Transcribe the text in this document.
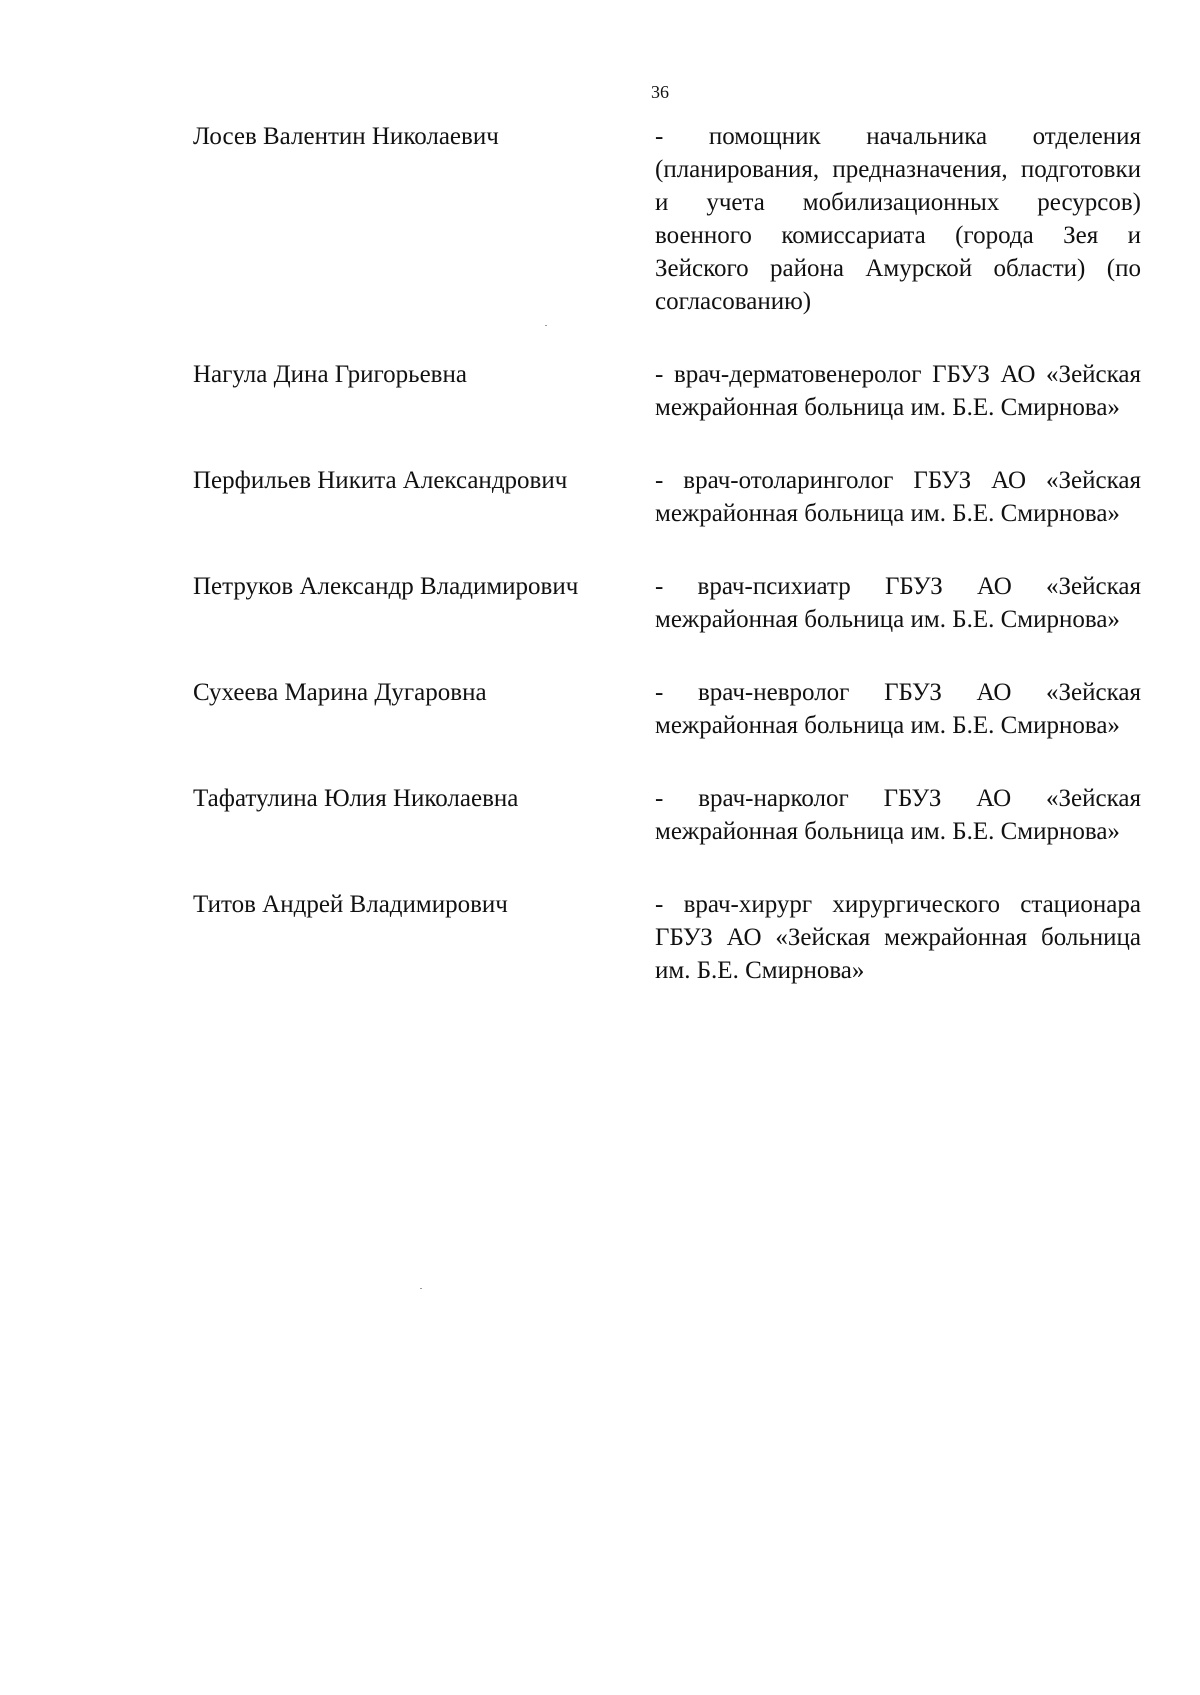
36
Лосев Валентин Николаевич	- помощник начальника отделения (планирования, предназначения, подготовки и учета мобилизационных ресурсов) военного комиссариата (города Зея и Зейского района Амурской области) (по согласованию)
Нагула Дина Григорьевна	- врач-дерматовенеролог ГБУЗ АО «Зейская межрайонная больница им. Б.Е. Смирнова»
Перфильев Никита Александрович	- врач-отоларинголог ГБУЗ АО «Зейская межрайонная больница им. Б.Е. Смирнова»
Петруков Александр Владимирович	- врач-психиатр ГБУЗ АО «Зейская межрайонная больница им. Б.Е. Смирнова»
Сухеева Марина Дугаровна	- врач-невролог ГБУЗ АО «Зейская межрайонная больница им. Б.Е. Смирнова»
Тафатулина Юлия Николаевна	- врач-нарколог ГБУЗ АО «Зейская межрайонная больница им. Б.Е. Смирнова»
Титов Андрей Владимирович	- врач-хирург хирургического стационара ГБУЗ АО «Зейская межрайонная больница им. Б.Е. Смирнова»
